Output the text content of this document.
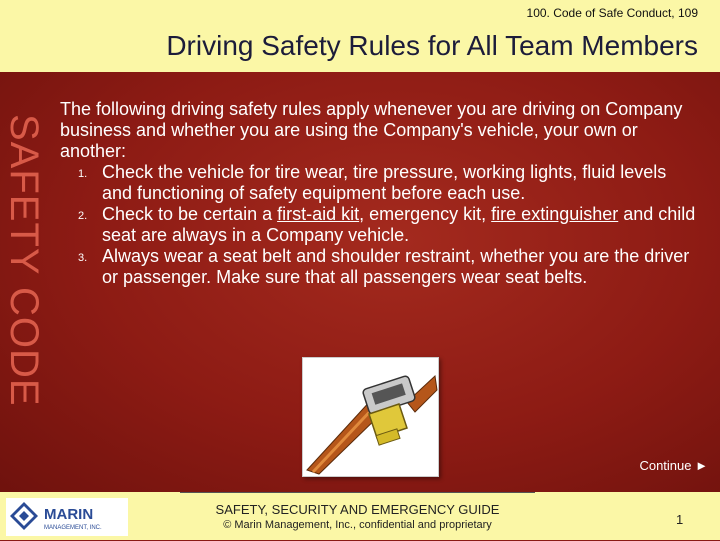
100. Code of Safe Conduct, 109
Driving Safety Rules for All Team Members
SAFETY CODE

The following driving safety rules apply whenever you are driving on Company business and whether you are using the Company's vehicle, your own or another:

1. Check the vehicle for tire wear, tire pressure, working lights, fluid levels and functioning of safety equipment before each use.
2. Check to be certain a first-aid kit, emergency kit, fire extinguisher and child seat are always in a Company vehicle.
3. Always wear a seat belt and shoulder restraint, whether you are the driver or passenger. Make sure that all passengers wear seat belts.
Continue ►
MARIN
MANAGEMENT, INC.
SAFETY, SECURITY AND EMERGENCY GUIDE
© Marin Management, Inc., confidential and proprietary	1
